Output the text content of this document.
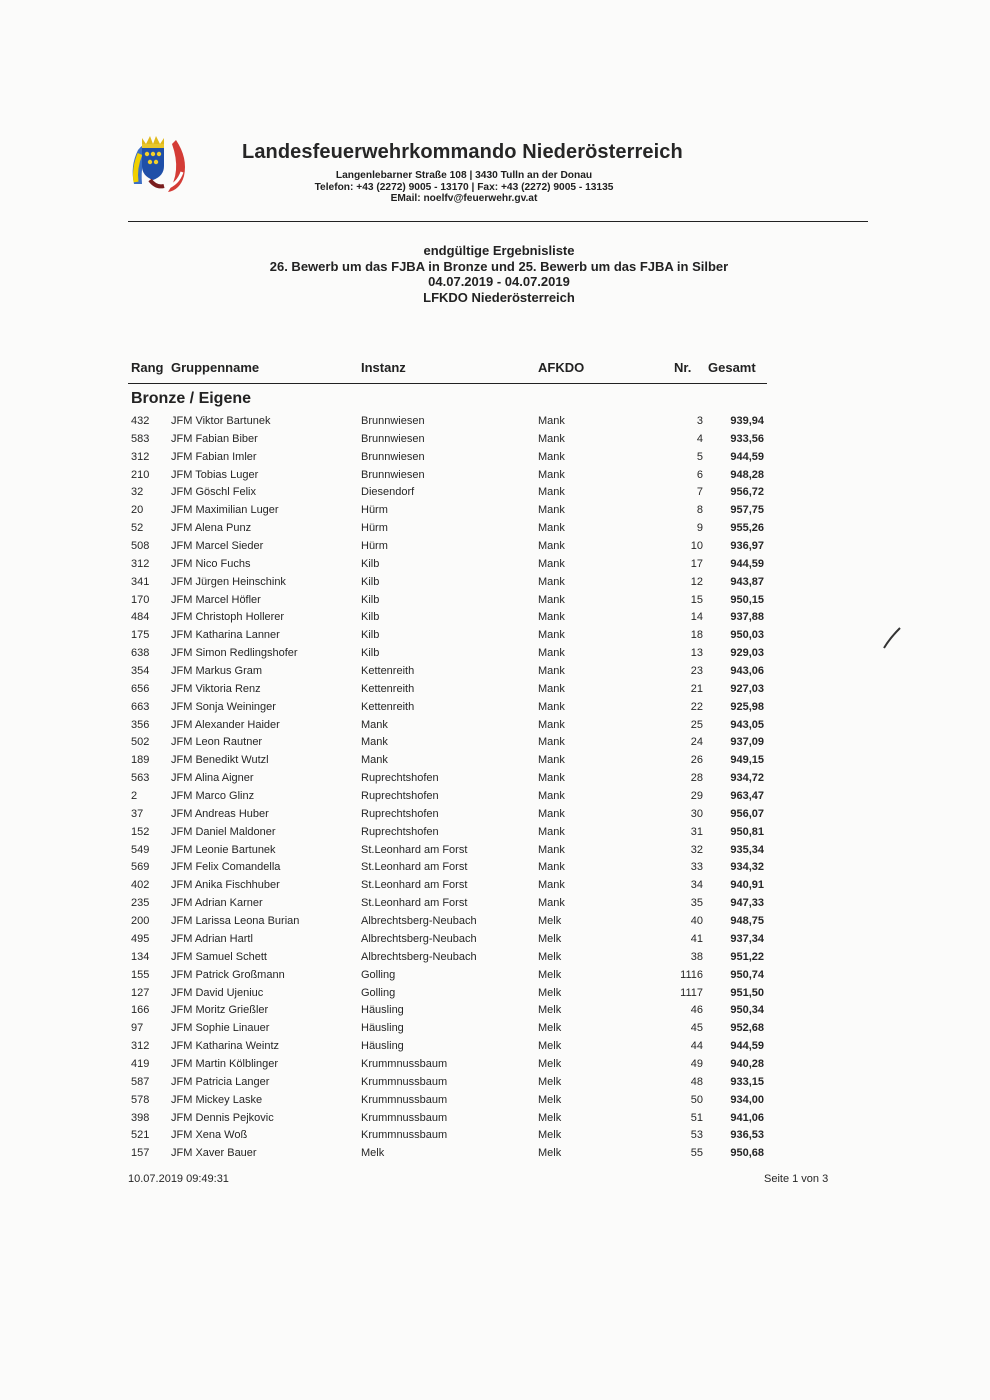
Landesfeuerwehrkommando Niederösterreich
Langenlebarner Straße 108 | 3430 Tulln an der Donau
Telefon: +43 (2272) 9005 - 13170 | Fax: +43 (2272) 9005 - 13135
EMail: noelfv@feuerwehr.gv.at
endgültige Ergebnisliste
26. Bewerb um das FJBA in Bronze und 25. Bewerb um das FJBA in Silber
04.07.2019 - 04.07.2019
LFKDO Niederösterreich
Rang Gruppenname	Instanz	AFKDO	Nr. Gesamt
Bronze / Eigene
432 JFM Viktor Bartunek	Brunnwiesen	Mank	3	939,94
583 JFM Fabian Biber	Brunnwiesen	Mank	4	933,56
312 JFM Fabian Imler	Brunnwiesen	Mank	5	944,59
210 JFM Tobias Luger	Brunnwiesen	Mank	6	948,28
32	JFM Göschl Felix	Diesendorf	Mank	7	956,72
20	JFM Maximilian Luger	Hürm	Mank	8	957,75
52	JFM Alena Punz	Hürm	Mank	9	955,26
508 JFM Marcel Sieder	Hürm	Mank	10	936,97
312 JFM Nico Fuchs	Kilb	Mank	17	944,59
341 JFM Jürgen Heinschink	Kilb	Mank	12	943,87
170 JFM Marcel Höfler	Kilb	Mank	15	950,15
484 JFM Christoph Hollerer	Kilb	Mank	14	937,88
175 JFM Katharina Lanner	Kilb	Mank	18	950,03
638 JFM Simon Redlingshofer	Kilb	Mank	13	929,03
354 JFM Markus Gram	Kettenreith	Mank	23	943,06
656 JFM Viktoria Renz	Kettenreith	Mank	21	927,03
663 JFM Sonja Weininger	Kettenreith	Mank	22	925,98
356 JFM Alexander Haider	Mank	Mank	25	943,05
502 JFM Leon Rautner	Mank	Mank	24	937,09
189 JFM Benedikt Wutzl	Mank	Mank	26	949,15
563 JFM Alina Aigner	Ruprechtshofen	Mank	28	934,72
2	JFM Marco Glinz	Ruprechtshofen	Mank	29	963,47
37	JFM Andreas Huber	Ruprechtshofen	Mank	30	956,07
152 JFM Daniel Maldoner	Ruprechtshofen	Mank	31	950,81
549 JFM Leonie Bartunek	St.Leonhard am Forst	Mank	32	935,34
569 JFM Felix Comandella	St.Leonhard am Forst	Mank	33	934,32
402 JFM Anika Fischhuber	St.Leonhard am Forst	Mank	34	940,91
235 JFM Adrian Karner	St.Leonhard am Forst	Mank	35	947,33
200 JFM Larissa Leona Burian	Albrechtsberg-Neubach	Melk	40	948,75
495 JFM Adrian Hartl	Albrechtsberg-Neubach	Melk	41	937,34
134 JFM Samuel Schett	Albrechtsberg-Neubach	Melk	38	951,22
155 JFM Patrick Großmann	Golling	Melk	1116	950,74
127 JFM David Ujeniuc	Golling	Melk	1117	951,50
166 JFM Moritz Grießler	Häusling	Melk	46	950,34
97	JFM Sophie Linauer	Häusling	Melk	45	952,68
312 JFM Katharina Weintz	Häusling	Melk	44	944,59
419 JFM Martin Kölblinger	Krummnussbaum	Melk	49	940,28
587 JFM Patricia Langer	Krummnussbaum	Melk	48	933,15
578 JFM Mickey Laske	Krummnussbaum	Melk	50	934,00
398 JFM Dennis Pejkovic	Krummnussbaum	Melk	51	941,06
521 JFM Xena Woß	Krummnussbaum	Melk	53	936,53
157 JFM Xaver Bauer	Melk	Melk	55	950,68
10.07.2019 09:49:31	Seite 1 von 3
